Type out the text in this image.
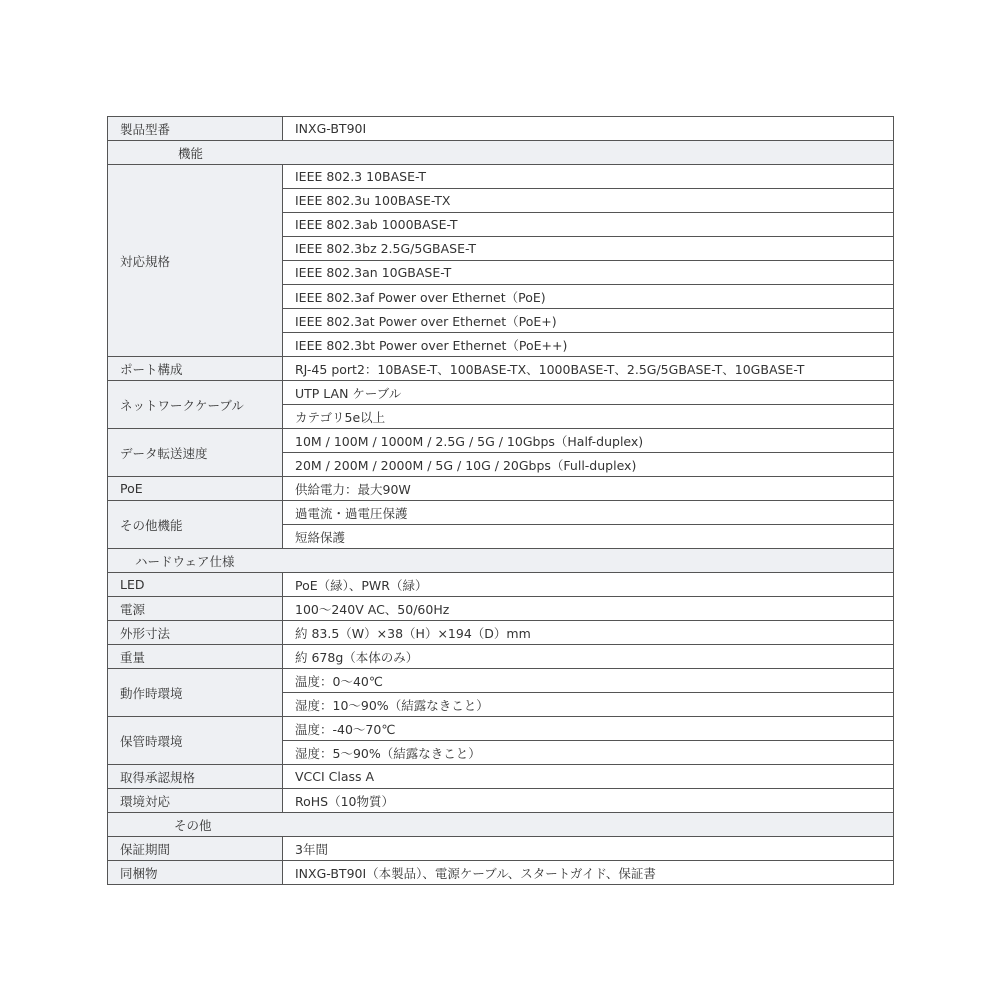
製品型番	INXG-BT90I
機能	
対応規格	IEEE 802.3 10BASE-T
	IEEE 802.3u 100BASE-TX
	IEEE 802.3ab 1000BASE-T
	IEEE 802.3bz 2.5G/5GBASE-T
	IEEE 802.3an 10GBASE-T
	IEEE 802.3af Power over Ethernet（PoE)
	IEEE 802.3at Power over Ethernet（PoE+)
	IEEE 802.3bt Power over Ethernet（PoE++)
ポート構成	RJ-45 port2：10BASE-T、100BASE-TX、1000BASE-T、2.5G/5GBASE-T、10GBASE-T
ネットワークケーブル	UTP LAN ケーブル
	カテゴリ5e以上
データ転送速度	10M / 100M / 1000M / 2.5G / 5G / 10Gbps（Half-duplex)
	20M / 200M / 2000M / 5G / 10G / 20Gbps（Full-duplex)
PoE	供給電力：最大90W
その他機能	過電流・過電圧保護
	短絡保護
ハードウェア仕様	
LED	PoE（緑）、PWR（緑）
電源	100～240V AC、50/60Hz
外形寸法	約 83.5（W）×38（H）×194（D）mm
重量	約 678g（本体のみ）
動作時環境	温度：0～40℃
	湿度：10～90%（結露なきこと）
保管時環境	温度：-40～70℃
	湿度：5～90%（結露なきこと）
取得承認規格	VCCI Class A
環境対応	RoHS（10物質）
その他	
保証期間	3年間
同梱物	INXG-BT90I（本製品）、電源ケーブル、スタートガイド、保証書
